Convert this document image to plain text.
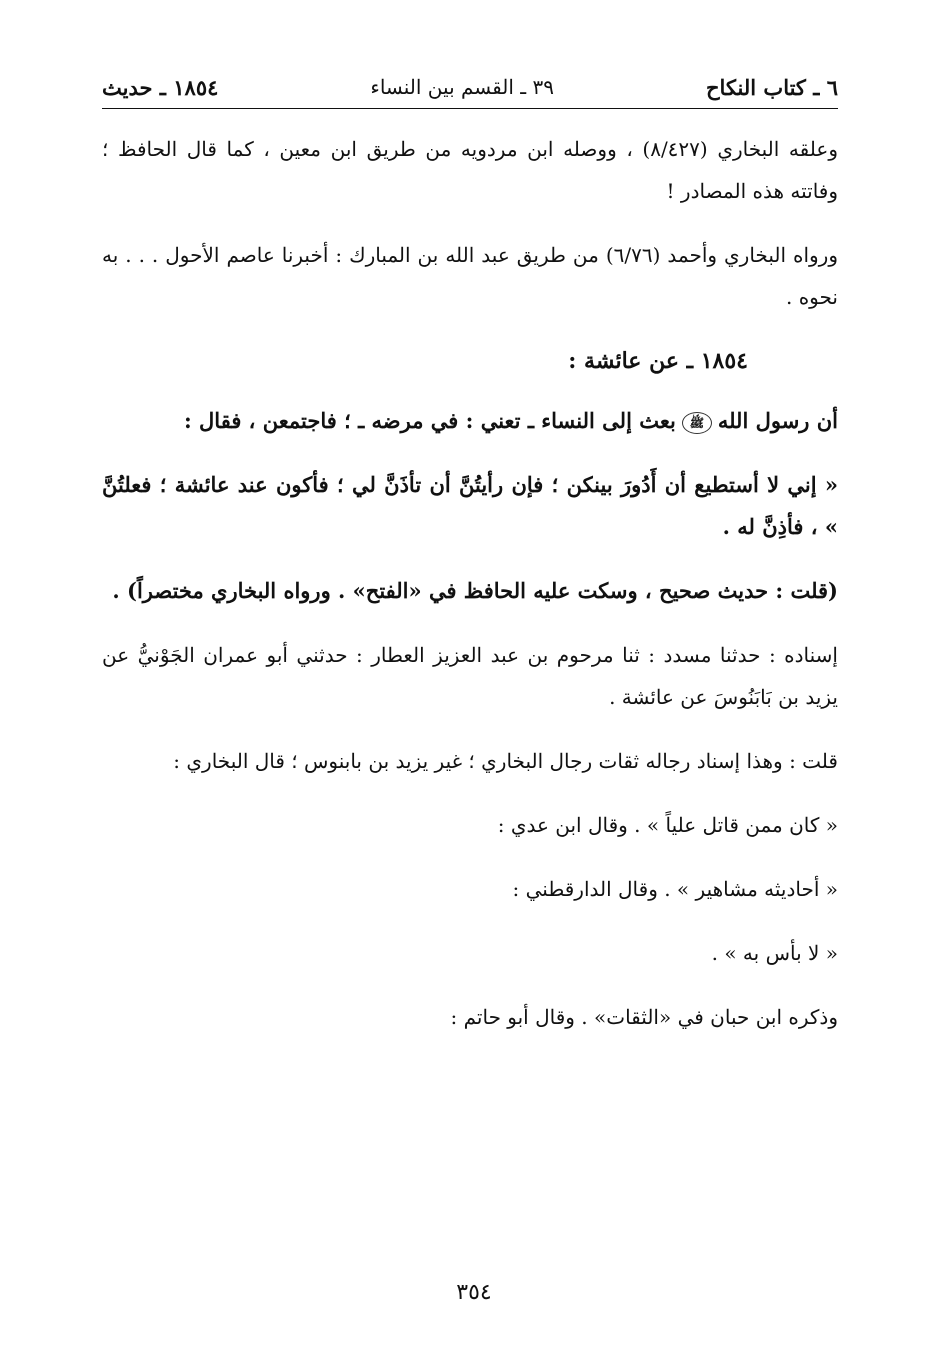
٦ ـ كتاب النكاح
٣٩ ـ القسم بين النساء
١٨٥٤ ـ حديث

وعلقه البخاري (٨/٤٢٧) ، ووصله ابن مردويه من طريق ابن معين ، كما قال الحافظ ؛ وفاتته هذه المصادر !

ورواه البخاري وأحمد (٦/٧٦) من طريق عبد الله بن المبارك : أخبرنا عاصم الأحول . . . به نحوه .

١٨٥٤ ـ عن عائشة :

أن رسول اللهﷺبعث إلى النساء ـ تعني : في مرضه ـ ؛ فاجتمعن ، فقال :

« إني لا أستطيع أن أَدُورَ بينكن ؛ فإن رأيتُنَّ أن تأذَنَّ لي ؛ فأكون عند عائشة ؛ فعلتُنَّ » ، فأذِنَّ له .

(قلت : حديث صحيح ، وسكت عليه الحافظ في «الفتح» . ورواه البخاري مختصراً) .

إسناده : حدثنا مسدد : ثنا مرحوم بن عبد العزيز العطار : حدثني أبو عمران الجَوْنيُّ عن يزيد بن بَابَنُوسَ عن عائشة .

قلت : وهذا إسناد رجاله ثقات رجال البخاري ؛ غير يزيد بن بابنوس ؛ قال البخاري :

« كان ممن قاتل علياً » . وقال ابن عدي :

« أحاديثه مشاهير » . وقال الدارقطني :

« لا بأس به » .

وذكره ابن حبان في «الثقات» . وقال أبو حاتم :

٣٥٤
